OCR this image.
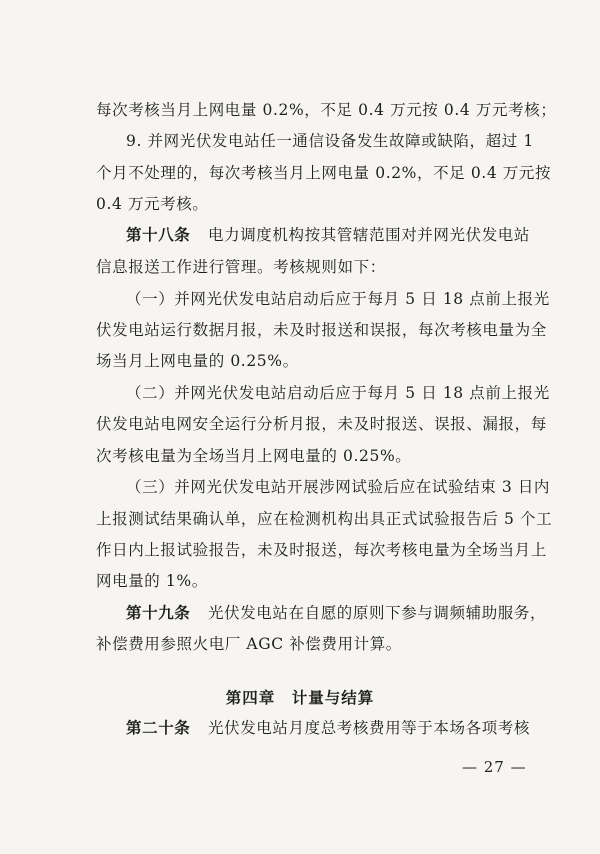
每次考核当月上网电量 0.2%，不足 0.4 万元按 0.4 万元考核；
9. 并网光伏发电站任一通信设备发生故障或缺陷，超过 1
个月不处理的，每次考核当月上网电量 0.2%，不足 0.4 万元按
0.4 万元考核。
第十八条 电力调度机构按其管辖范围对并网光伏发电站
信息报送工作进行管理。考核规则如下：
（一）并网光伏发电站启动后应于每月 5 日 18 点前上报光
伏发电站运行数据月报，未及时报送和误报，每次考核电量为全
场当月上网电量的 0.25%。
（二）并网光伏发电站启动后应于每月 5 日 18 点前上报光
伏发电站电网安全运行分析月报，未及时报送、误报、漏报，每
次考核电量为全场当月上网电量的 0.25%。
（三）并网光伏发电站开展涉网试验后应在试验结束 3 日内
上报测试结果确认单，应在检测机构出具正式试验报告后 5 个工
作日内上报试验报告，未及时报送，每次考核电量为全场当月上
网电量的 1%。
第十九条 光伏发电站在自愿的原则下参与调频辅助服务，
补偿费用参照火电厂 AGC 补偿费用计算。
第四章　计量与结算
第二十条 光伏发电站月度总考核费用等于本场各项考核
— 27 —
